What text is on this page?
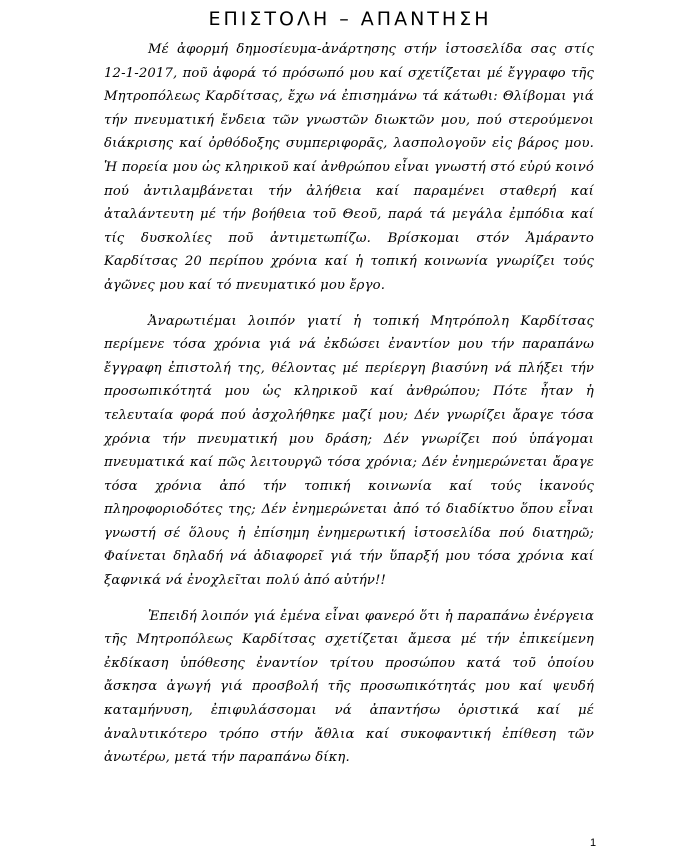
ΕΠΙΣΤΟΛΗ – ΑΠΑΝΤΗΣΗ

Μέ ἀφορμή δημοσίευμα-ἀνάρτησης στήν ἱστοσελίδα σας στίς 12-1-2017, ποῦ ἀφορά τό πρόσωπό μου καί σχετίζεται μέ ἔγγραφο τῆς Μητροπόλεως Καρδίτσας, ἔχω νά ἐπισημάνω τά κάτωθι: Θλίβομαι γιά τήν πνευματική ἔνδεια τῶν γνωστῶν διωκτῶν μου, πού στερούμενοι διάκρισης καί ὀρθόδοξης συμπεριφορᾶς, λασπολογοῦν εἰς βάρος μου. Ἡ πορεία μου ὡς κληρικοῦ καί ἀνθρώπου εἶναι γνωστή στό εὐρύ κοινό πού ἀντιλαμβάνεται τήν ἀλήθεια καί παραμένει σταθερή καί ἀταλάντευτη μέ τήν βοήθεια τοῦ Θεοῦ, παρά τά μεγάλα ἐμπόδια καί τίς δυσκολίες ποῦ ἀντιμετωπίζω. Βρίσκομαι στόν Ἀμάραντο Καρδίτσας 20 περίπου χρόνια καί ἡ τοπική κοινωνία γνωρίζει τούς ἀγῶνες μου καί τό πνευματικό μου ἔργο.

Ἀναρωτιέμαι λοιπόν γιατί ἡ τοπική Μητρόπολη Καρδίτσας περίμενε τόσα χρόνια γιά νά ἐκδώσει ἐναντίον μου τήν παραπάνω ἔγγραφη ἐπιστολή της, θέλοντας μέ περίεργη βιασύνη νά πλήξει τήν προσωπικότητά μου ὡς κληρικοῦ καί ἀνθρώπου; Πότε ἦταν ἡ τελευταία φορά πού ἀσχολήθηκε μαζί μου; Δέν γνωρίζει ἄραγε τόσα χρόνια τήν πνευματική μου δράση; Δέν γνωρίζει πού ὑπάγομαι πνευματικά καί πῶς λειτουργῶ τόσα χρόνια; Δέν ἐνημερώνεται ἄραγε τόσα χρόνια ἀπό τήν τοπική κοινωνία καί τούς ἱκανούς πληροφοριοδότες της; Δέν ἐνημερώνεται ἀπό τό διαδίκτυο ὅπου εἶναι γνωστή σέ ὅλους ἡ ἐπίσημη ἐνημερωτική ἱστοσελίδα πού διατηρῶ; Φαίνεται δηλαδή νά ἀδιαφορεῖ γιά τήν ὕπαρξή μου τόσα χρόνια καί ξαφνικά νά ἐνοχλεῖται πολύ ἀπό αὐτήν!!

Ἐπειδή λοιπόν γιά ἐμένα εἶναι φανερό ὅτι ἡ παραπάνω ἐνέργεια τῆς Μητροπόλεως Καρδίτσας σχετίζεται ἄμεσα μέ τήν ἐπικείμενη ἐκδίκαση ὑπόθεσης ἐναντίον τρίτου προσώπου κατά τοῦ ὁποίου ἄσκησα ἀγωγή γιά προσβολή τῆς προσωπικότητάς μου καί ψευδή καταμήνυση, ἐπιφυλάσσομαι νά ἀπαντήσω ὁριστικά καί μέ ἀναλυτικότερο τρόπο στήν ἄθλια καί συκοφαντική ἐπίθεση τῶν ἀνωτέρω, μετά τήν παραπάνω δίκη.

1
